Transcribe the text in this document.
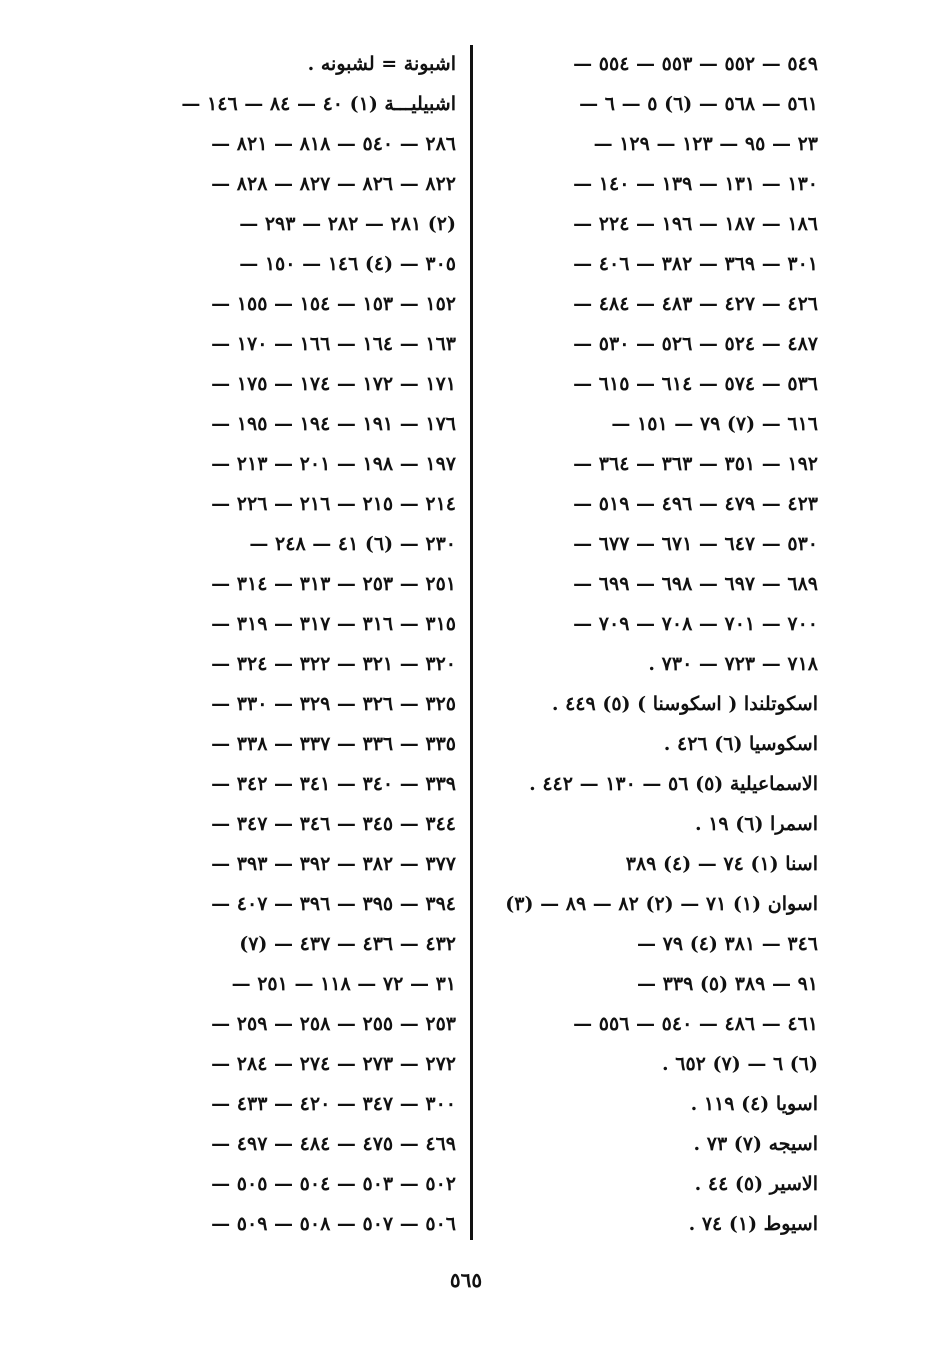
٥٤٩ — ٥٥٢ — ٥٥٣ — ٥٥٤ —
٥٦١ — ٥٦٨ — (٦) ٥ — ٦ —
٢٣ — ٩٥ — ١٢٣ — ١٢٩ —
١٣٠ — ١٣١ — ١٣٩ — ١٤٠ —
١٨٦ — ١٨٧ — ١٩٦ — ٢٢٤ —
٣٠١ — ٣٦٩ — ٣٨٢ — ٤٠٦ —
٤٢٦ — ٤٢٧ — ٤٨٣ — ٤٨٤ —
٤٨٧ — ٥٢٤ — ٥٢٦ — ٥٣٠ —
٥٣٦ — ٥٧٤ — ٦١٤ — ٦١٥ —
٦١٦ — (٧) ٧٩ — ١٥١ —
١٩٢ — ٣٥١ — ٣٦٣ — ٣٦٤ —
٤٢٣ — ٤٧٩ — ٤٩٦ — ٥١٩ —
٥٣٠ — ٦٤٧ — ٦٧١ — ٦٧٧ —
٦٨٩ — ٦٩٧ — ٦٩٨ — ٦٩٩ —
٧٠٠ — ٧٠١ — ٧٠٨ — ٧٠٩ —
٧١٨ — ٧٢٣ — ٧٣٠ .
اسكوتلندا ( اسكوسنا ) (٥) ٤٤٩ .
اسكوسيا (٦) ٤٢٦ .
الاسماعيلية (٥) ٥٦ — ١٣٠ — ٤٤٢ .
اسمرا (٦) ١٩ .
اسنا (١) ٧٤ — (٤) ٣٨٩
اسوان (١) ٧١ — (٢) ٨٢ — ٨٩ — (٣)
٣٤٦ — ٣٨١ (٤) ٧٩ —
٩١ — ٣٨٩ (٥) ٣٣٩ —
٤٦١ — ٤٨٦ — ٥٤٠ — ٥٥٦ —
(٦) ٦ — (٧) ٦٥٢ .
اسويا (٤) ١١٩ .
اسيجه (٧) ٧٣ .
الاسير (٥) ٤٤ .
اسيوط (١) ٧٤ .
اشبونة = لشبونه .
اشبيليـــة (١) ٤٠ — ٨٤ — ١٤٦ —
٢٨٦ — ٥٤٠ — ٨١٨ — ٨٢١ —
٨٢٢ — ٨٢٦ — ٨٢٧ — ٨٢٨ —
(٢) ٢٨١ — ٢٨٢ — ٢٩٣ —
٣٠٥ — (٤) ١٤٦ — ١٥٠ —
١٥٢ — ١٥٣ — ١٥٤ — ١٥٥ —
١٦٣ — ١٦٤ — ١٦٦ — ١٧٠ —
١٧١ — ١٧٢ — ١٧٤ — ١٧٥ —
١٧٦ — ١٩١ — ١٩٤ — ١٩٥ —
١٩٧ — ١٩٨ — ٢٠١ — ٢١٣ —
٢١٤ — ٢١٥ — ٢١٦ — ٢٢٦ —
٢٣٠ — (٦) ٤١ — ٢٤٨ —
٢٥١ — ٢٥٣ — ٣١٣ — ٣١٤ —
٣١٥ — ٣١٦ — ٣١٧ — ٣١٩ —
٣٢٠ — ٣٢١ — ٣٢٢ — ٣٢٤ —
٣٢٥ — ٣٢٦ — ٣٢٩ — ٣٣٠ —
٣٣٥ — ٣٣٦ — ٣٣٧ — ٣٣٨ —
٣٣٩ — ٣٤٠ — ٣٤١ — ٣٤٢ —
٣٤٤ — ٣٤٥ — ٣٤٦ — ٣٤٧ —
٣٧٧ — ٣٨٢ — ٣٩٢ — ٣٩٣ —
٣٩٤ — ٣٩٥ — ٣٩٦ — ٤٠٧ —
٤٣٢ — ٤٣٦ — ٤٣٧ — (٧)
٣١ — ٧٢ — ١١٨ — ٢٥١ —
٢٥٣ — ٢٥٥ — ٢٥٨ — ٢٥٩ —
٢٧٢ — ٢٧٣ — ٢٧٤ — ٢٨٤ —
٣٠٠ — ٣٤٧ — ٤٢٠ — ٤٣٣ —
٤٦٩ — ٤٧٥ — ٤٨٤ — ٤٩٧ —
٥٠٢ — ٥٠٣ — ٥٠٤ — ٥٠٥ —
٥٠٦ — ٥٠٧ — ٥٠٨ — ٥٠٩ —
٥٦٥
